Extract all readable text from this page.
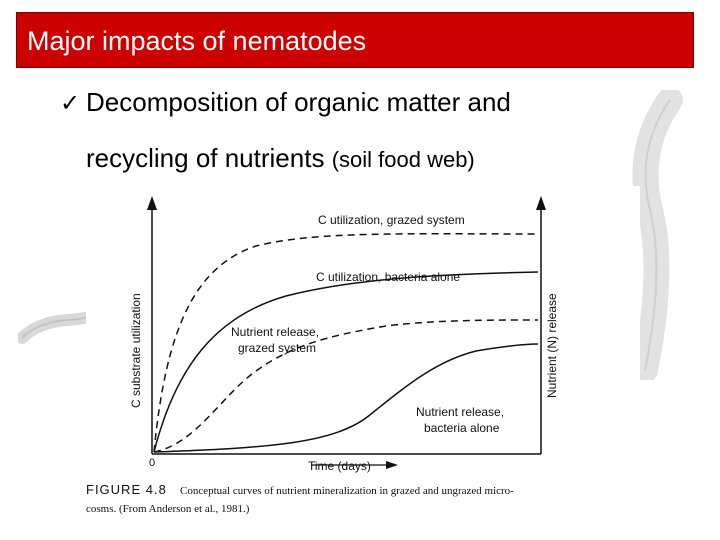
Major impacts of nematodes
✓ Decomposition of organic matter and
recycling of nutrients (soil food web)
C utilization, grazed system
C utilization, bacteria alone
Nutrient release,
grazed system
Nutrient release,
bacteria alone
C substrate utilization	Nutrient (N) release
Time (days)
0
FIGURE 4.8 Conceptual curves of nutrient mineralization in grazed and ungrazed micro-
cosms. (From Anderson et al., 1981.)
